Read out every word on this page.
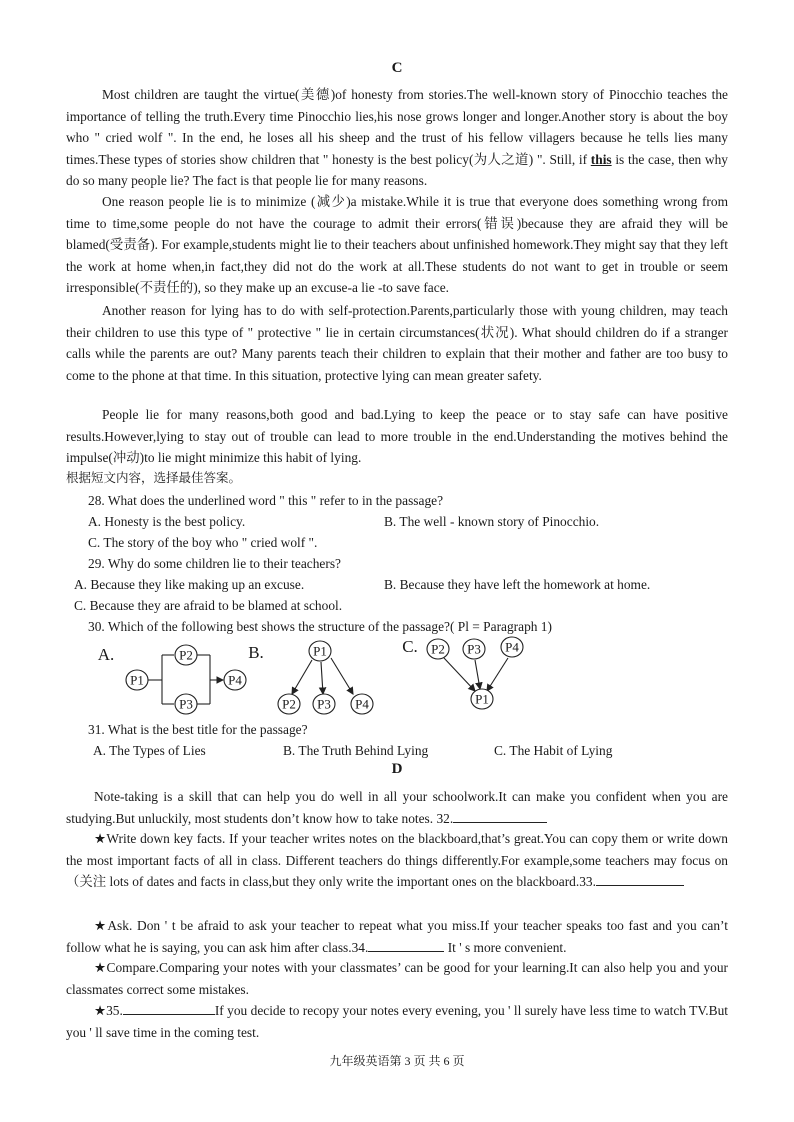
C
Most children are taught the virtue(美德)of honesty from stories.The well-known story of Pinocchio teaches the importance of telling the truth.Every time Pinocchio lies,his nose grows longer and longer.Another story is about the boy who " cried wolf ". In the end, he loses all his sheep and the trust of his fellow villagers because he tells lies many times.These types of stories show children that " honesty is the best policy(为人之道) ". Still, if this is the case, then why do so many people lie? The fact is that people lie for many reasons.
One reason people lie is to minimize (减少)a mistake.While it is true that everyone does something wrong from time to time,some people do not have the courage to admit their errors(错误)because they are afraid they will be blamed(受责备). For example,students might lie to their teachers about unfinished homework.They might say that they left the work at home when,in fact,they did not do the work at all.These students do not want to get in trouble or seem irresponsible(不责任的), so they make up an excuse-a lie -to save face.
Another reason for lying has to do with self-protection.Parents,particularly those with young children, may teach their children to use this type of " protective " lie in certain circumstances(状况). What should children do if a stranger calls while the parents are out? Many parents teach their children to explain that their mother and father are too busy to come to the phone at that time. In this situation, protective lying can mean greater safety.
People lie for many reasons,both good and bad.Lying to keep the peace or to stay safe can have positive results.However,lying to stay out of trouble can lead to more trouble in the end.Understanding the motives behind the impulse(冲动)to lie might minimize this habit of lying.
根据短文内容，选择最佳答案。
28. What does the underlined word " this " refer to in the passage?
A. Honesty is the best policy.	B. The well - known story of Pinocchio.
C. The story of the boy who " cried wolf ".
29. Why do some children lie to their teachers?
A. Because they like making up an excuse.	B. Because they have left the homework at home.
C. Because they are afraid to be blamed at school.
30. Which of the following best shows the structure of the passage?( Pl = Paragraph 1)
A.	B.	C.
P1
P2
P3
P4
P1
P2 P3 P4
P2 P3 P4
P1
31. What is the best title for the passage?
A. The Types of Lies	B. The Truth Behind Lying	C. The Habit of Lying
D
Note-taking is a skill that can help you do well in all your schoolwork.It can make you confident when you are studying.But unluckily, most students don’t know how to take notes. 32.
★Write down key facts. If your teacher writes notes on the blackboard,that’s great.You can copy them or write down the most important facts of all in class. Different teachers do things differently.For example,some teachers may focus on （关注 lots of dates and facts in class,but they only write the important ones on the blackboard.33.
★Ask. Don ' t be afraid to ask your teacher to repeat what you miss.If your teacher speaks too fast and you can’t follow what he is saying, you can ask him after class.34.	It ' s more convenient.
★Compare.Comparing your notes with your classmates’ can be good for your learning.It can also help you and your classmates correct some mistakes.
★35.	If you decide to recopy your notes every evening, you ' ll surely have less time to watch TV.But you ' ll save time in the coming test.
九年级英语第 3 页 共 6 页
